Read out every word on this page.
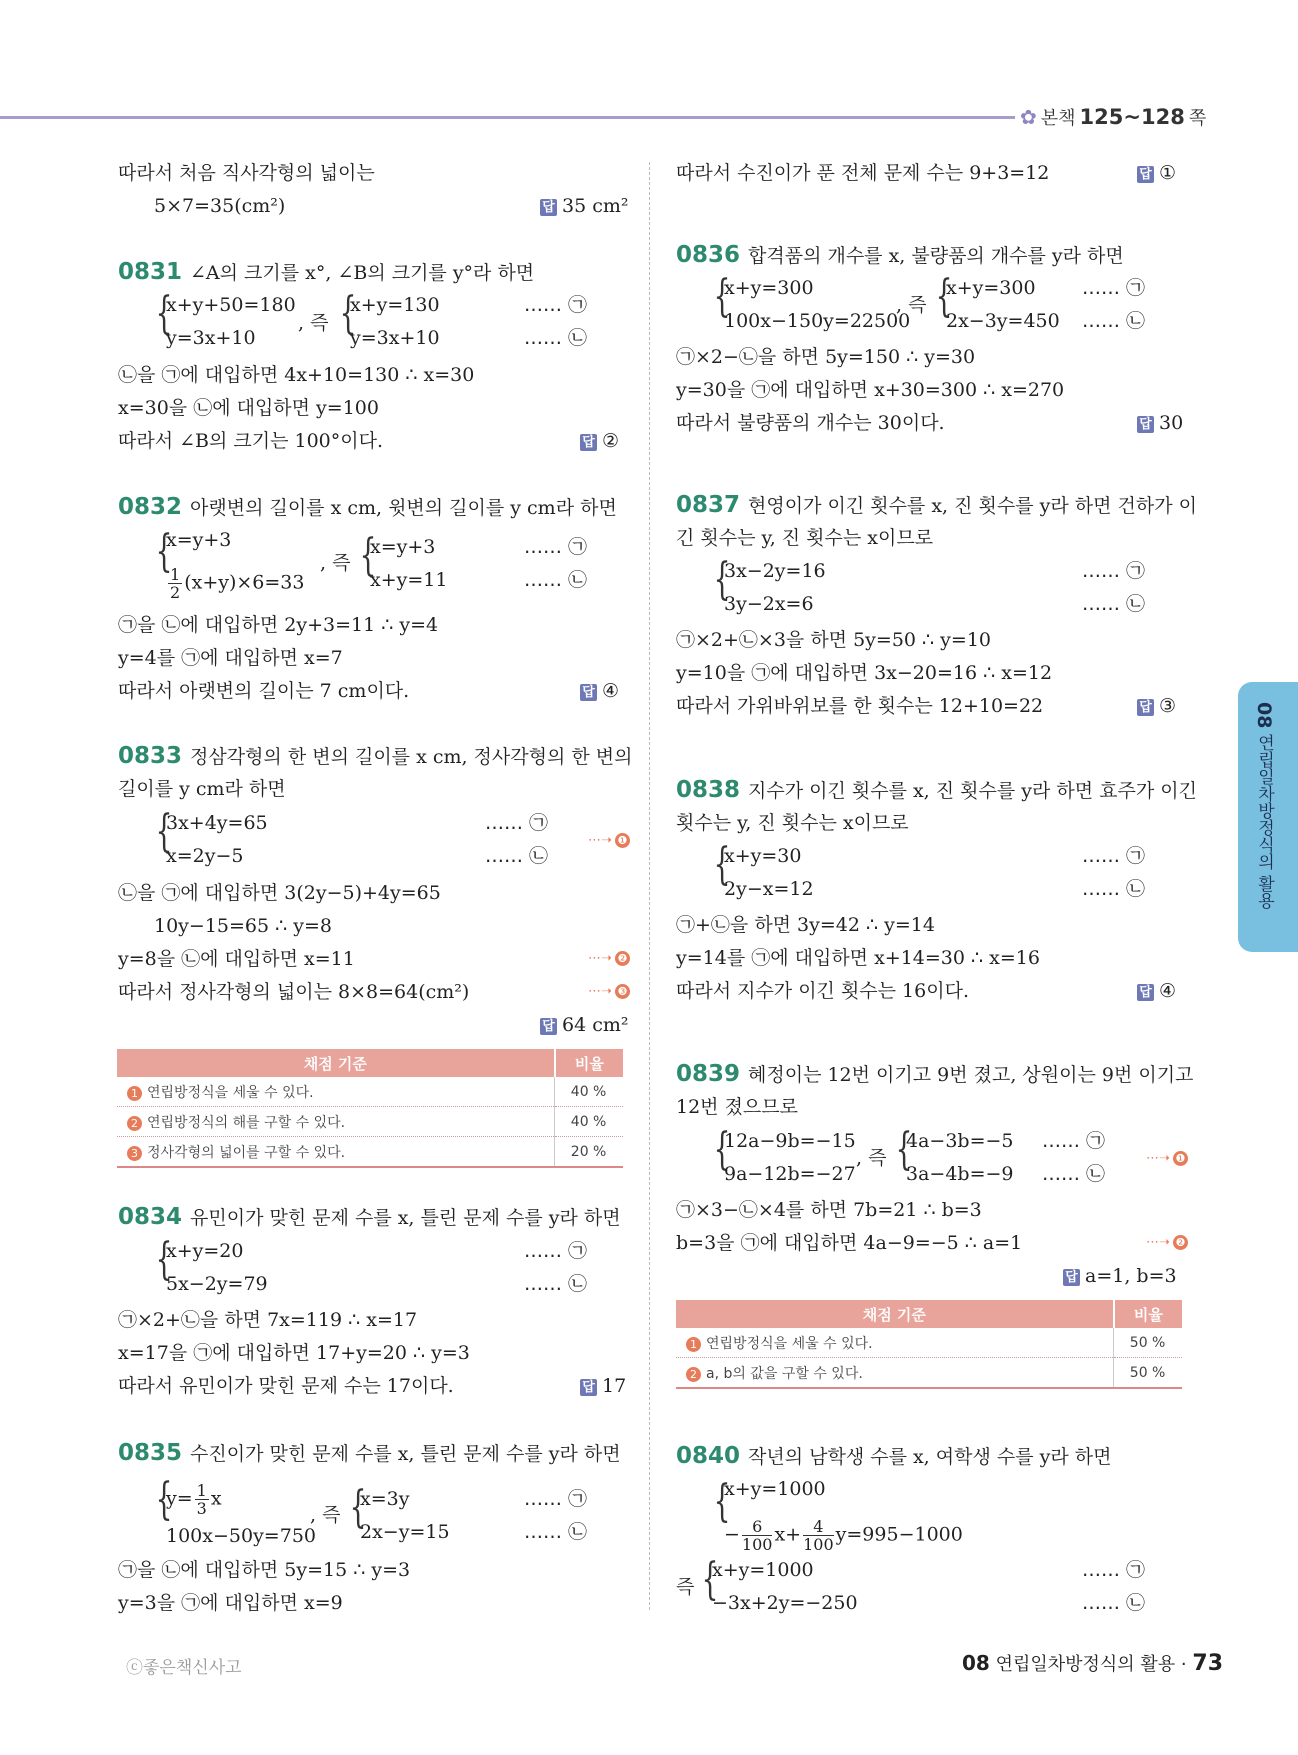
✿ 본책 125~128 쪽
따라서 처음 직사각형의 넓이는
5×7=35(cm²)	답 35 cm²
0831 ∠A의 크기를 x°, ∠B의 크기를 y°라 하면
{
x+y+50=180
y=3x+10
, 즉 {
x+y=130
y=3x+10
…… ㉠
…… ㉡
㉡을 ㉠에 대입하면 4x+10=130 ∴ x=30
x=30을 ㉡에 대입하면 y=100
따라서 ∠B의 크기는 100°이다.	답 ②
0832 아랫변의 길이를 x cm, 윗변의 길이를 y cm라 하면
{
x=y+3
$\frac{1}{2} (x+y)\times 6=33$
, 즉 {
x=y+3
x+y=11
…… ㉠
…… ㉡
㉠을 ㉡에 대입하면 2y+3=11 ∴ y=4
y=4를 ㉠에 대입하면 x=7
따라서 아랫변의 길이는 7 cm이다.	답 ④
0833 정삼각형의 한 변의 길이를 x cm, 정사각형의 한 변의
길이를 y cm라 하면
{
3x+4y=65
x=2y−5
…… ㉠
…… ㉡
⋯➝ ❶
㉡을 ㉠에 대입하면 3(2y−5)+4y=65
10y−15=65 ∴ y=8
y=8을 ㉡에 대입하면 x=11	⋯➝ ❷
따라서 정사각형의 넓이는 8×8=64(cm²)	⋯➝ ❸
답 64 cm²
채점 기준	비율
1 연립방정식을 세울 수 있다.	40 %
2 연립방정식의 해를 구할 수 있다.	40 %
3 정사각형의 넓이를 구할 수 있다.	20 %
0834 유민이가 맞힌 문제 수를 x, 틀린 문제 수를 y라 하면
{
x+y=20
5x−2y=79
…… ㉠
…… ㉡
㉠×2+㉡을 하면 7x=119 ∴ x=17
x=17을 ㉠에 대입하면 17+y=20 ∴ y=3
따라서 유민이가 맞힌 문제 수는 17이다.	답 17
0835 수진이가 맞힌 문제 수를 x, 틀린 문제 수를 y라 하면
{
$y= \frac{1}{3}$ x
100x−50y=750
, 즉 {
x=3y
2x−y=15
…… ㉠
…… ㉡
㉠을 ㉡에 대입하면 5y=15 ∴ y=3
y=3을 ㉠에 대입하면 x=9
따라서 수진이가 푼 전체 문제 수는 9+3=12	답 ①
0836 합격품의 개수를 x, 불량품의 개수를 y라 하면
{
x+y=300
100x−150y=22500
, 즉 {
x+y=300
2x−3y=450
…… ㉠
…… ㉡
㉠×2−㉡을 하면 5y=150 ∴ y=30
y=30을 ㉠에 대입하면 x+30=300 ∴ x=270
따라서 불량품의 개수는 30이다.	답 30
0837 현영이가 이긴 횟수를 x, 진 횟수를 y라 하면 건하가 이
긴 횟수는 y, 진 횟수는 x이므로
{
3x−2y=16
3y−2x=6
…… ㉠
…… ㉡
㉠×2+㉡×3을 하면 5y=50 ∴ y=10
y=10을 ㉠에 대입하면 3x−20=16 ∴ x=12
따라서 가위바위보를 한 횟수는 12+10=22	답 ③
0838 지수가 이긴 횟수를 x, 진 횟수를 y라 하면 효주가 이긴
횟수는 y, 진 횟수는 x이므로
{
x+y=30
2y−x=12
…… ㉠
…… ㉡
㉠+㉡을 하면 3y=42 ∴ y=14
y=14를 ㉠에 대입하면 x+14=30 ∴ x=16
따라서 지수가 이긴 횟수는 16이다.	답 ④
0839 혜정이는 12번 이기고 9번 졌고, 상원이는 9번 이기고
12번 졌으므로
{
12a−9b=−15
9a−12b=−27
, 즉 {
4a−3b=−5
3a−4b=−9
…… ㉠
…… ㉡
⋯➝ ❶
㉠×3−㉡×4를 하면 7b=21 ∴ b=3
b=3을 ㉠에 대입하면 4a−9=−5 ∴ a=1	⋯➝ ❷
답 a=1, b=3
채점 기준	비율
1 연립방정식을 세울 수 있다.	50 %
2 a, b의 값을 구할 수 있다.	50 %
0840 작년의 남학생 수를 x, 여학생 수를 y라 하면
{
x+y=1000
− $\frac{6}{100} x+ \frac{4}{100} y=995-1000$
즉 {
x+y=1000
−3x+2y=−250
…… ㉠
…… ㉡
08 연립일차방정식의 활용
ⓒ좋은책신사고	08 연립일차방정식의 활용 · 73
